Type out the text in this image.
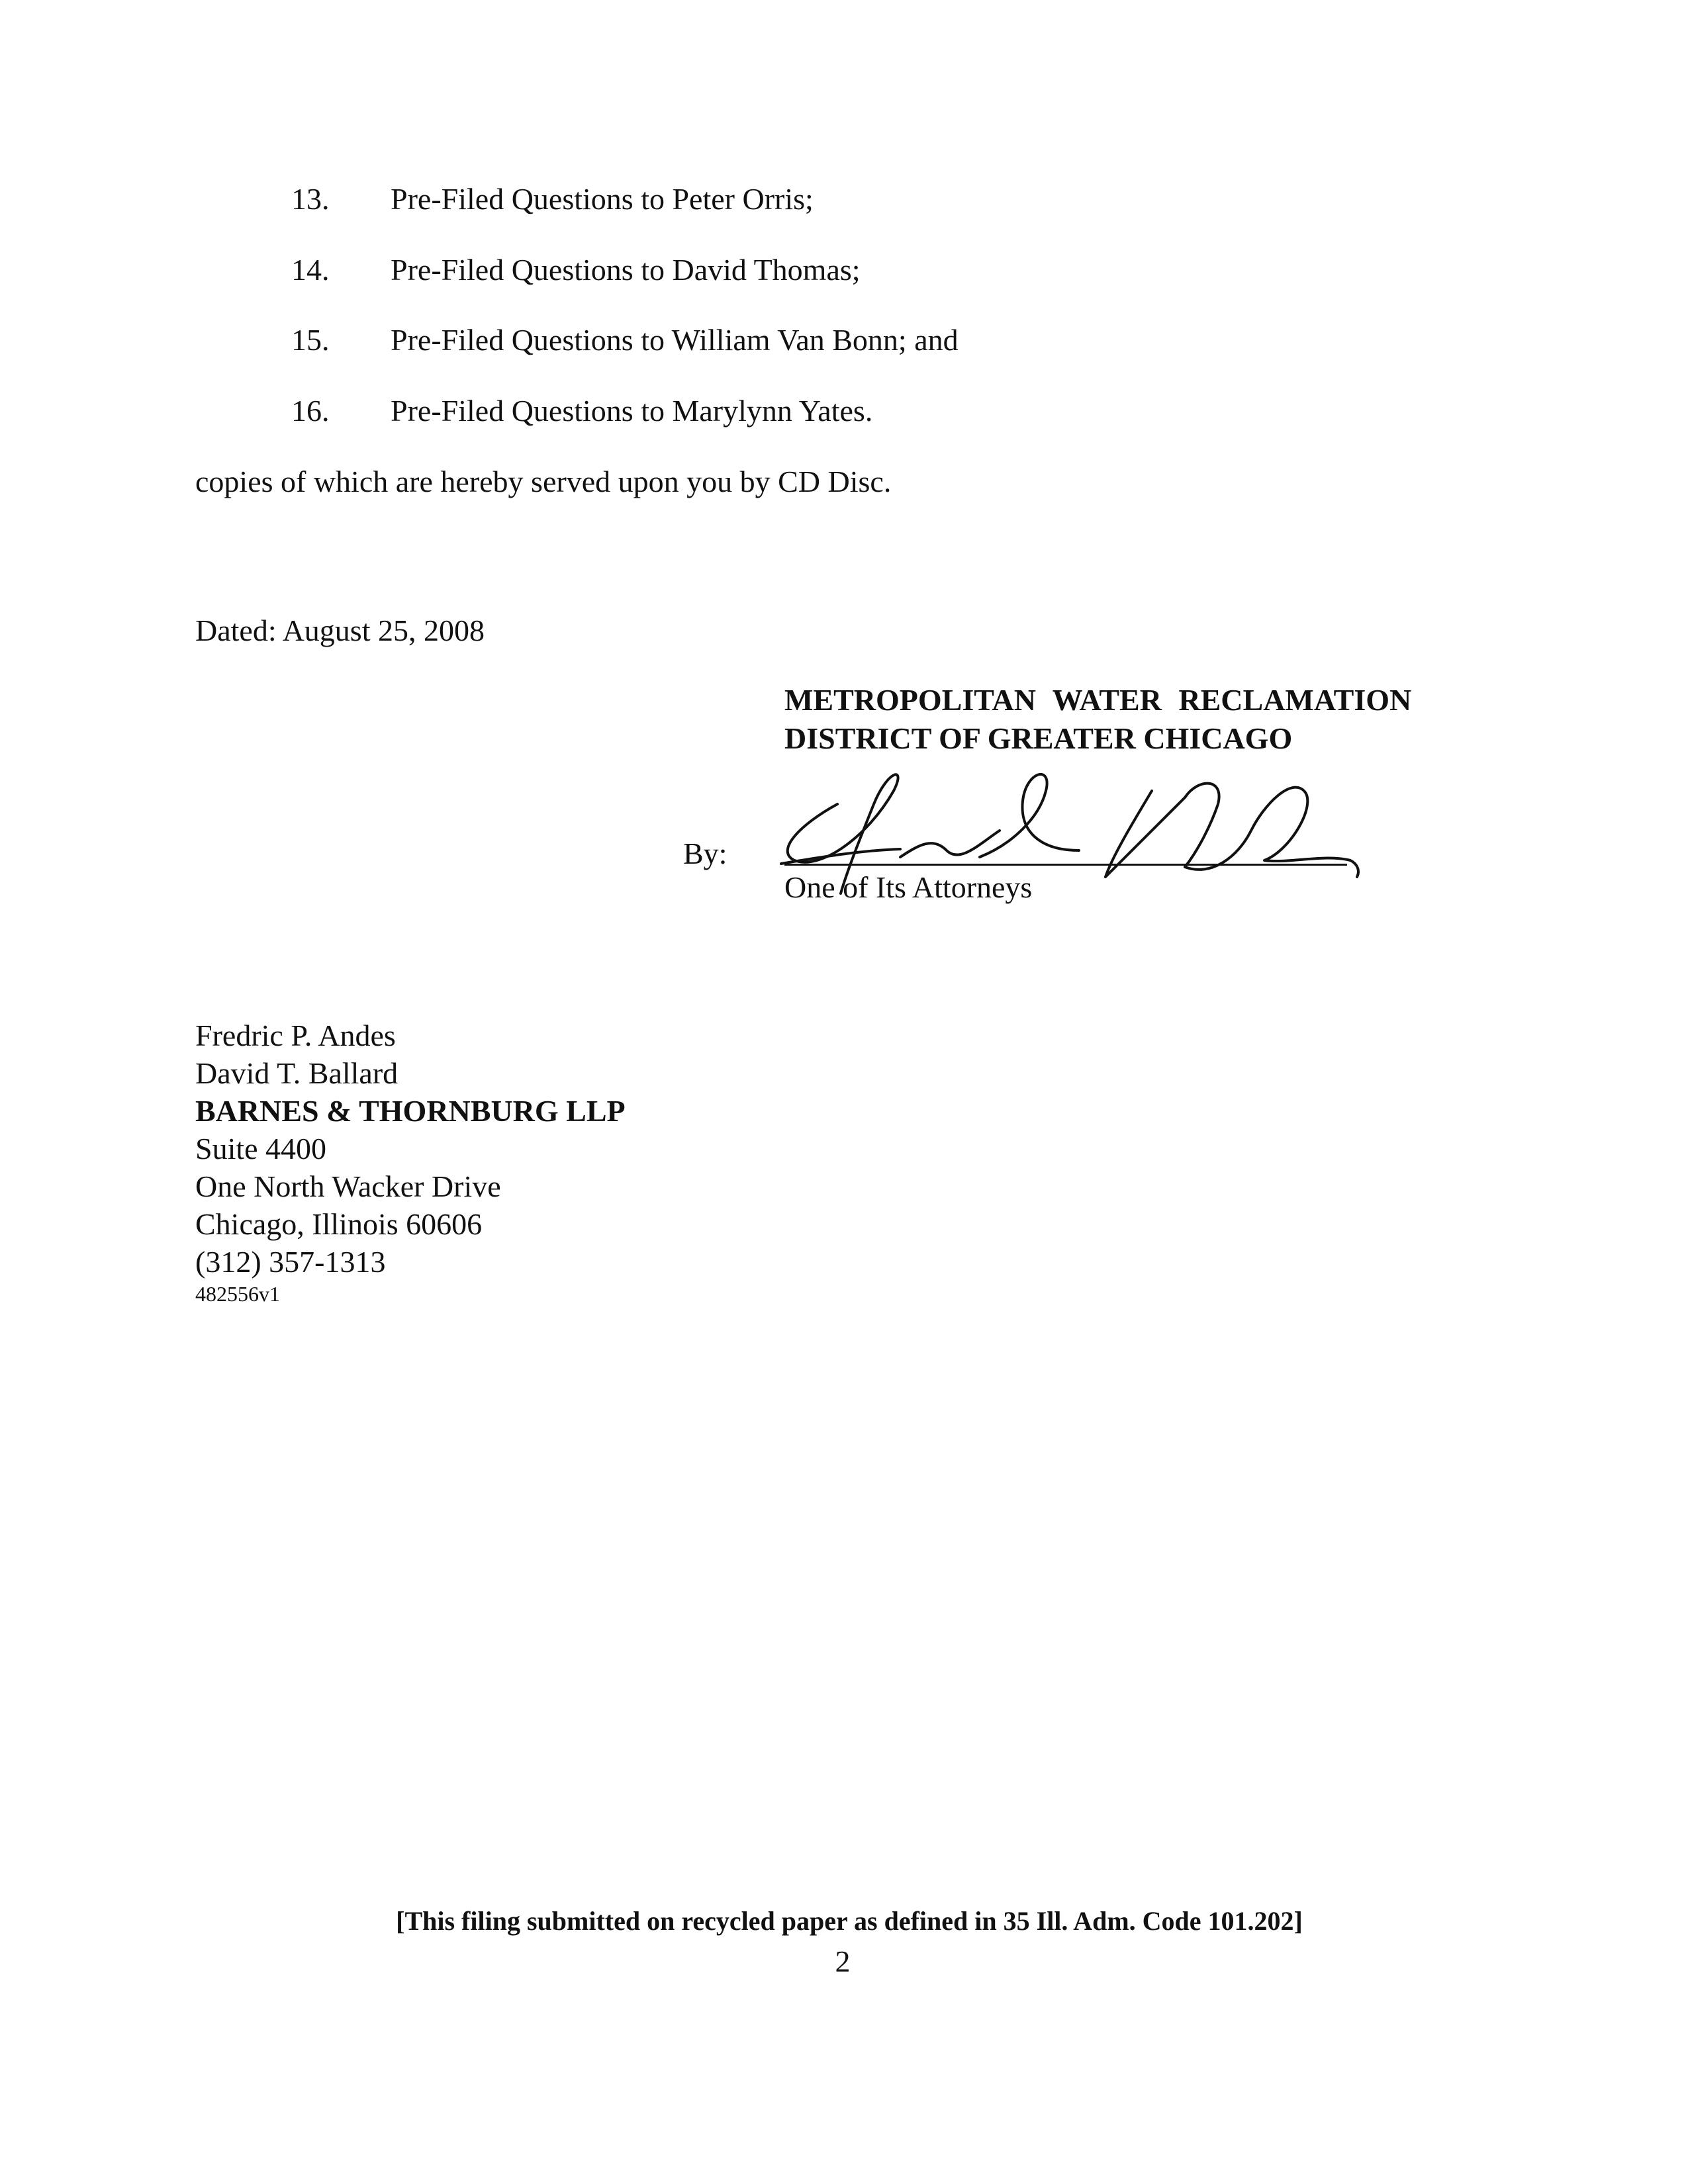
13. Pre-Filed Questions to Peter Orris;
14. Pre-Filed Questions to David Thomas;
15. Pre-Filed Questions to William Van Bonn; and
16. Pre-Filed Questions to Marylynn Yates.
copies of which are hereby served upon you by CD Disc.
Dated: August 25, 2008
METROPOLITAN WATER RECLAMATION
DISTRICT OF GREATER CHICAGO
By:
One of Its Attorneys
Fredric P. Andes
David T. Ballard
BARNES & THORNBURG LLP
Suite 4400
One North Wacker Drive
Chicago, Illinois 60606
(312) 357-1313
482556v1
[This filing submitted on recycled paper as defined in 35 Ill. Adm. Code 101.202]
2
